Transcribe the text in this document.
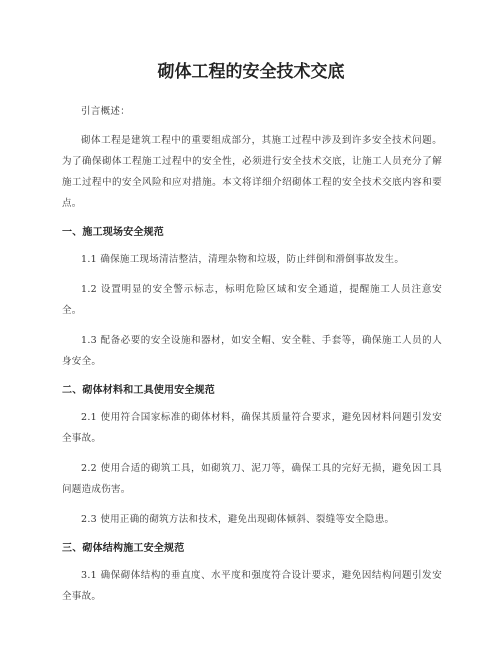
砌体工程的安全技术交底

引言概述：

砌体工程是建筑工程中的重要组成部分，其施工过程中涉及到许多安全技术问题。为了确保砌体工程施工过程中的安全性，必须进行安全技术交底，让施工人员充分了解施工过程中的安全风险和应对措施。本文将详细介绍砌体工程的安全技术交底内容和要点。

一、施工现场安全规范

1.1 确保施工现场清洁整洁，清理杂物和垃圾，防止绊倒和滑倒事故发生。

1.2 设置明显的安全警示标志，标明危险区域和安全通道，提醒施工人员注意安全。

1.3 配备必要的安全设施和器材，如安全帽、安全鞋、手套等，确保施工人员的人身安全。

二、砌体材料和工具使用安全规范

2.1 使用符合国家标准的砌体材料，确保其质量符合要求，避免因材料问题引发安全事故。

2.2 使用合适的砌筑工具，如砌筑刀、泥刀等，确保工具的完好无损，避免因工具问题造成伤害。

2.3 使用正确的砌筑方法和技术，避免出现砌体倾斜、裂缝等安全隐患。

三、砌体结构施工安全规范

3.1 确保砌体结构的垂直度、水平度和强度符合设计要求，避免因结构问题引发安全事故。
